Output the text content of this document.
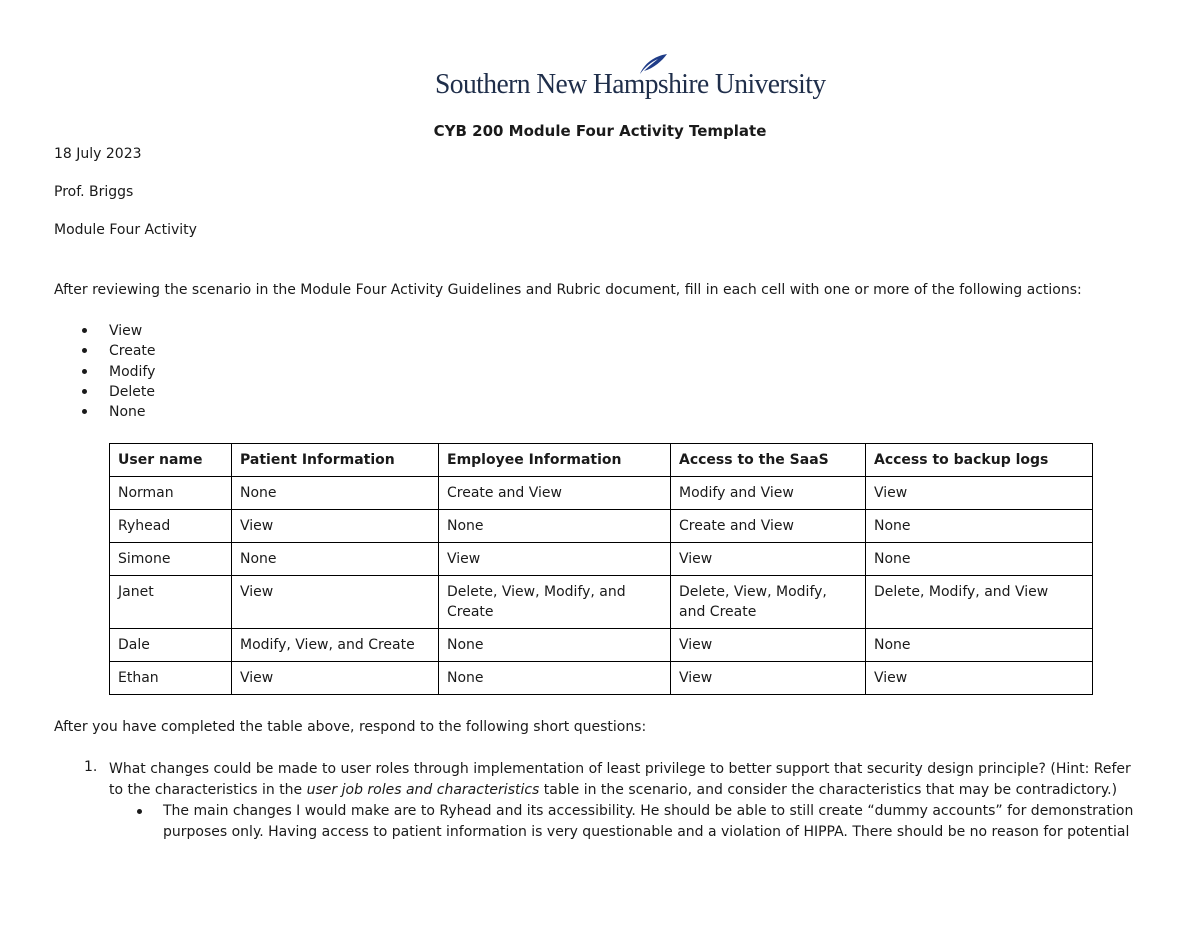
Southern New Hampshire University
CYB 200 Module Four Activity Template
18 July 2023
Prof. Briggs
Module Four Activity
After reviewing the scenario in the Module Four Activity Guidelines and Rubric document, fill in each cell with one or more of the following actions:
View
Create
Modify
Delete
None
User name	Patient Information	Employee Information	Access to the SaaS	Access to backup logs
Norman	None	Create and View	Modify and View	View
Ryhead	View	None	Create and View	None
Simone	None	View	View	None
Janet	View	Delete, View, Modify, and Create	Delete, View, Modify, and Create	Delete, Modify, and View
Dale	Modify, View, and Create	None	View	None
Ethan	View	None	View	View
After you have completed the table above, respond to the following short questions:
1. What changes could be made to user roles through implementation of least privilege to better support that security design principle? (Hint: Refer to the characteristics in the user job roles and characteristics table in the scenario, and consider the characteristics that may be contradictory.)
The main changes I would make are to Ryhead and its accessibility. He should be able to still create “dummy accounts” for demonstration purposes only. Having access to patient information is very questionable and a violation of HIPPA. There should be no reason for potential
